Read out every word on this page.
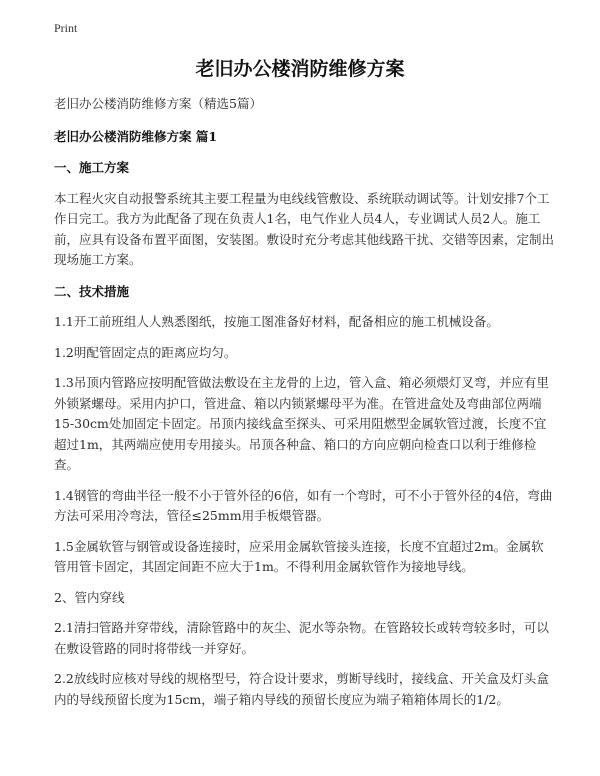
Print
老旧办公楼消防维修方案

老旧办公楼消防维修方案（精选5篇）

老旧办公楼消防维修方案 篇1

一、施工方案

本工程火灾自动报警系统其主要工程量为电线线管敷设、系统联动调试等。计划安排7个工作日完工。我方为此配备了现在负责人1名，电气作业人员4人，专业调试人员2人。施工前，应具有设备布置平面图，安装图。敷设时充分考虑其他线路干扰、交错等因素，定制出现场施工方案。

二、技术措施

1.1开工前班组人人熟悉图纸，按施工图准备好材料，配备相应的施工机械设备。

1.2明配管固定点的距离应均匀。

1.3吊顶内管路应按明配管做法敷设在主龙骨的上边，管入盒、箱必须煨灯叉弯，并应有里外锁紧螺母。采用内护口，管进盒、箱以内锁紧螺母平为准。在管进盒处及弯曲部位两端15-30cm处加固定卡固定。吊顶内接线盒至探头、可采用阻燃型金属软管过渡，长度不宜超过1m，其两端应使用专用接头。吊顶各种盒、箱口的方向应朝向检查口以利于维修检查。

1.4钢管的弯曲半径一般不小于管外径的6倍，如有一个弯时，可不小于管外径的4倍，弯曲方法可采用冷弯法，管径≤25mm用手板煨管器。

1.5金属软管与钢管或设备连接时，应采用金属软管接头连接，长度不宜超过2m。金属软管用管卡固定，其固定间距不应大于1m。不得利用金属软管作为接地导线。

2、管内穿线

2.1清扫管路并穿带线，清除管路中的灰尘、泥水等杂物。在管路较长或转弯较多时，可以在敷设管路的同时将带线一并穿好。

2.2放线时应核对导线的规格型号，符合设计要求，剪断导线时，接线盒、开关盒及灯头盒内的导线预留长度为15cm，端子箱内导线的预留长度应为端子箱箱体周长的1/2。
